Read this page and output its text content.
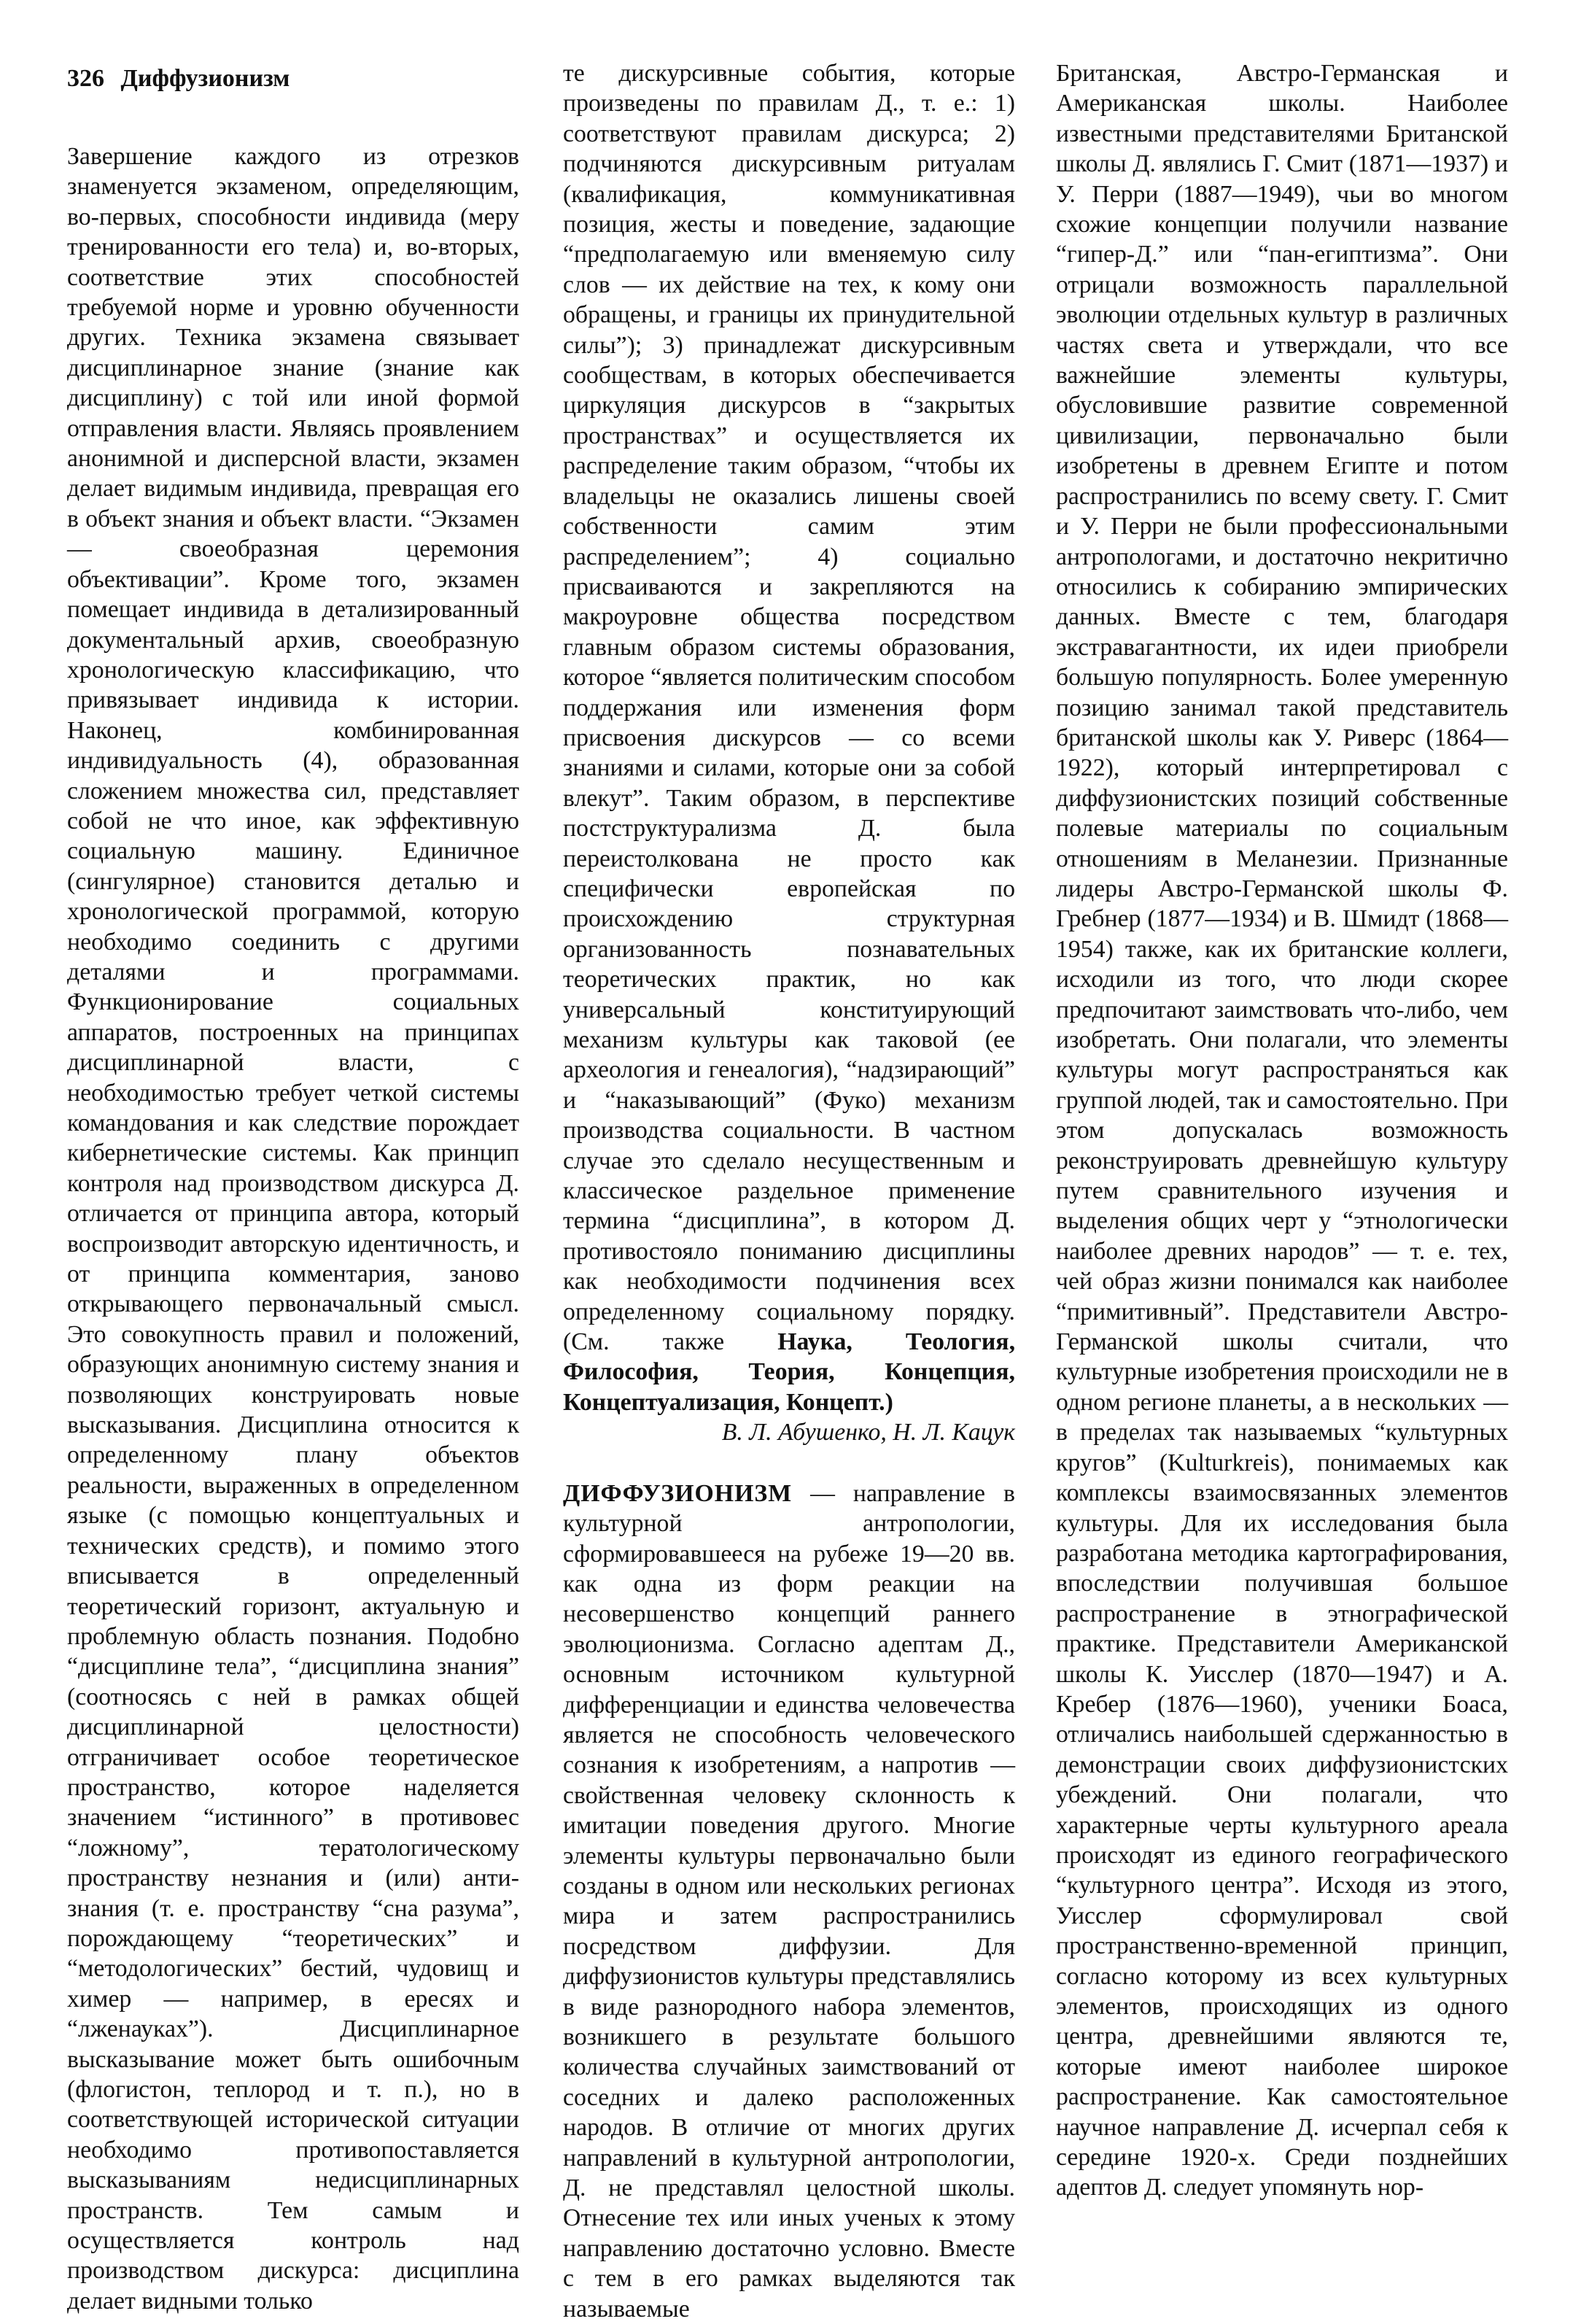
326 Диффузионизм

Завершение каждого из отрезков знаменуется экзаменом, определяющим, во-первых, способности индивида (меру тренированности его тела) и, во-вторых, соответствие этих способностей требуемой норме и уровню обученности других. Техника экзамена связывает дисциплинарное знание (знание как дисциплину) с той или иной формой отправления власти. Являясь проявлением анонимной и дисперсной власти, экзамен делает видимым индивида, превращая его в объект знания и объект власти. “Экзамен — своеобразная церемония объективации”. Кроме того, экзамен помещает индивида в детализированный документальный архив, своеобразную хронологическую классификацию, что привязывает индивида к истории. Наконец, комбинированная индивидуальность (4), образованная сложением множества сил, представляет собой не что иное, как эффективную социальную машину. Единичное (сингулярное) становится деталью и хронологической программой, которую необходимо соединить с другими деталями и программами. Функционирование социальных аппаратов, построенных на принципах дисциплинарной власти, с необходимостью требует четкой системы командования и как следствие порождает кибернетические системы. Как принцип контроля над производством дискурса Д. отличается от принципа автора, который воспроизводит авторскую идентичность, и от принципа комментария, заново открывающего первоначальный смысл. Это совокупность правил и положений, образующих анонимную систему знания и позволяющих конструировать новые высказывания. Дисциплина относится к определенному плану объектов реальности, выраженных в определенном языке (с помощью концептуальных и технических средств), и помимо этого вписывается в определенный теоретический горизонт, актуальную и проблемную область познания. Подобно “дисциплине тела”, “дисциплина знания” (соотносясь с ней в рамках общей дисциплинарной целостности) отграничивает особое теоретическое пространство, которое наделяется значением “истинного” в противовес “ложному”, тератологическому пространству незнания и (или) анти-знания (т. е. пространству “сна разума”, порождающему “теоретических” и “методологических” бестий, чудовищ и химер — например, в ересях и “лженауках”). Дисциплинарное высказывание может быть ошибочным (флогистон, теплород и т. п.), но в соответствующей исторической ситуации необходимо противопоставляется высказываниям недисциплинарных пространств. Тем самым и осуществляется контроль над производством дискурса: дисциплина делает видными только

те дискурсивные события, которые произведены по правилам Д., т. е.: 1) соответствуют правилам дискурса; 2) подчиняются дискурсивным ритуалам (квалификация, коммуникативная позиция, жесты и поведение, задающие “предполагаемую или вменяемую силу слов — их действие на тех, к кому они обращены, и границы их принудительной силы”); 3) принадлежат дискурсивным сообществам, в которых обеспечивается циркуляция дискурсов в “закрытых пространствах” и осуществляется их распределение таким образом, “чтобы их владельцы не оказались лишены своей собственности самим этим распределением”; 4) социально присваиваются и закрепляются на макроуровне общества посредством главным образом системы образования, которое “является политическим способом поддержания или изменения форм присвоения дискурсов — со всеми знаниями и силами, которые они за собой влекут”. Таким образом, в перспективе постструктурализма Д. была переистолкована не просто как специфически европейская по происхождению структурная организованность познавательных теоретических практик, но как универсальный конституирующий механизм культуры как таковой (ее археология и генеалогия), “надзирающий” и “наказывающий” (Фуко) механизм производства социальности. В частном случае это сделало несущественным и классическое раздельное применение термина “дисциплина”, в котором Д. противостояло пониманию дисциплины как необходимости подчинения всех определенному социальному порядку. (См. также Наука, Теология, Философия, Теория, Концепция, Концептуализация, Концепт.)

В. Л. Абушенко, Н. Л. Кацук

ДИФФУЗИОНИЗМ — направление в культурной антропологии, сформировавшееся на рубеже 19—20 вв. как одна из форм реакции на несовершенство концепций раннего эволюционизма. Согласно адептам Д., основным источником культурной дифференциации и единства человечества является не способность человеческого сознания к изобретениям, а напротив — свойственная человеку склонность к имитации поведения другого. Многие элементы культуры первоначально были созданы в одном или нескольких регионах мира и затем распространились посредством диффузии. Для диффузионистов культуры представлялись в виде разнородного набора элементов, возникшего в результате большого количества случайных заимствований от соседних и далеко расположенных народов. В отличие от многих других направлений в культурной антропологии, Д. не представлял целостной школы. Отнесение тех или иных ученых к этому направлению достаточно условно. Вместе с тем в его рамках выделяются так называемые

Британская, Австро-Германская и Американская школы. Наиболее известными представителями Британской школы Д. являлись Г. Смит (1871—1937) и У. Перри (1887—1949), чьи во многом схожие концепции получили название “гипер-Д.” или “пан-египтизма”. Они отрицали возможность параллельной эволюции отдельных культур в различных частях света и утверждали, что все важнейшие элементы культуры, обусловившие развитие современной цивилизации, первоначально были изобретены в древнем Египте и потом распространились по всему свету. Г. Смит и У. Перри не были профессиональными антропологами, и достаточно некритично относились к собиранию эмпирических данных. Вместе с тем, благодаря экстравагантности, их идеи приобрели большую популярность. Более умеренную позицию занимал такой представитель британской школы как У. Риверс (1864—1922), который интерпретировал с диффузионистских позиций собственные полевые материалы по социальным отношениям в Меланезии. Признанные лидеры Австро-Германской школы Ф. Гребнер (1877—1934) и В. Шмидт (1868—1954) также, как их британские коллеги, исходили из того, что люди скорее предпочитают заимствовать что-либо, чем изобретать. Они полагали, что элементы культуры могут распространяться как группой людей, так и самостоятельно. При этом допускалась возможность реконструировать древнейшую культуру путем сравнительного изучения и выделения общих черт у “этнологически наиболее древних народов” — т. е. тех, чей образ жизни понимался как наиболее “примитивный”. Представители Австро-Германской школы считали, что культурные изобретения происходили не в одном регионе планеты, а в нескольких — в пределах так называемых “культурных кругов” (Kulturkreis), понимаемых как комплексы взаимосвязанных элементов культуры. Для их исследования была разработана методика картографирования, впоследствии получившая большое распространение в этнографической практике. Представители Американской школы К. Уисслер (1870—1947) и А. Кребер (1876—1960), ученики Боаса, отличались наибольшей сдержанностью в демонстрации своих диффузионистских убеждений. Они полагали, что характерные черты культурного ареала происходят из единого географического “культурного центра”. Исходя из этого, Уисслер сформулировал свой пространственно-временной принцип, согласно которому из всех культурных элементов, происходящих из одного центра, древнейшими являются те, которые имеют наиболее широкое распространение. Как самостоятельное научное направление Д. исчерпал себя к середине 1920-х. Среди позднейших адептов Д. следует упомянуть нор-
